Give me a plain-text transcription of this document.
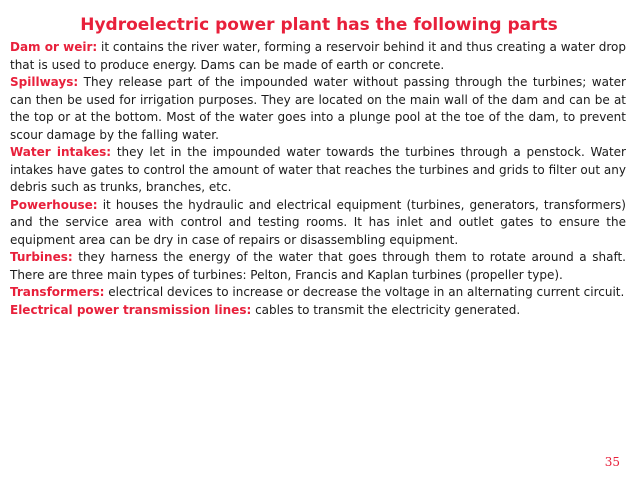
Hydroelectric power plant has the following parts

Dam or weir: it contains the river water, forming a reservoir behind it and thus creating a water drop that is used to produce energy. Dams can be made of earth or concrete.

Spillways: They release part of the impounded water without passing through the turbines; water can then be used for irrigation purposes. They are located on the main wall of the dam and can be at the top or at the bottom. Most of the water goes into a plunge pool at the toe of the dam, to prevent scour damage by the falling water.

Water intakes: they let in the impounded water towards the turbines through a penstock. Water intakes have gates to control the amount of water that reaches the turbines and grids to filter out any debris such as trunks, branches, etc.

Powerhouse: it houses the hydraulic and electrical equipment (turbines, generators, transformers) and the service area with control and testing rooms. It has inlet and outlet gates to ensure the equipment area can be dry in case of repairs or disassembling equipment.

Turbines: they harness the energy of the water that goes through them to rotate around a shaft. There are three main types of turbines: Pelton, Francis and Kaplan turbines (propeller type).

Transformers: electrical devices to increase or decrease the voltage in an alternating current circuit.

Electrical power transmission lines: cables to transmit the electricity generated.

35
